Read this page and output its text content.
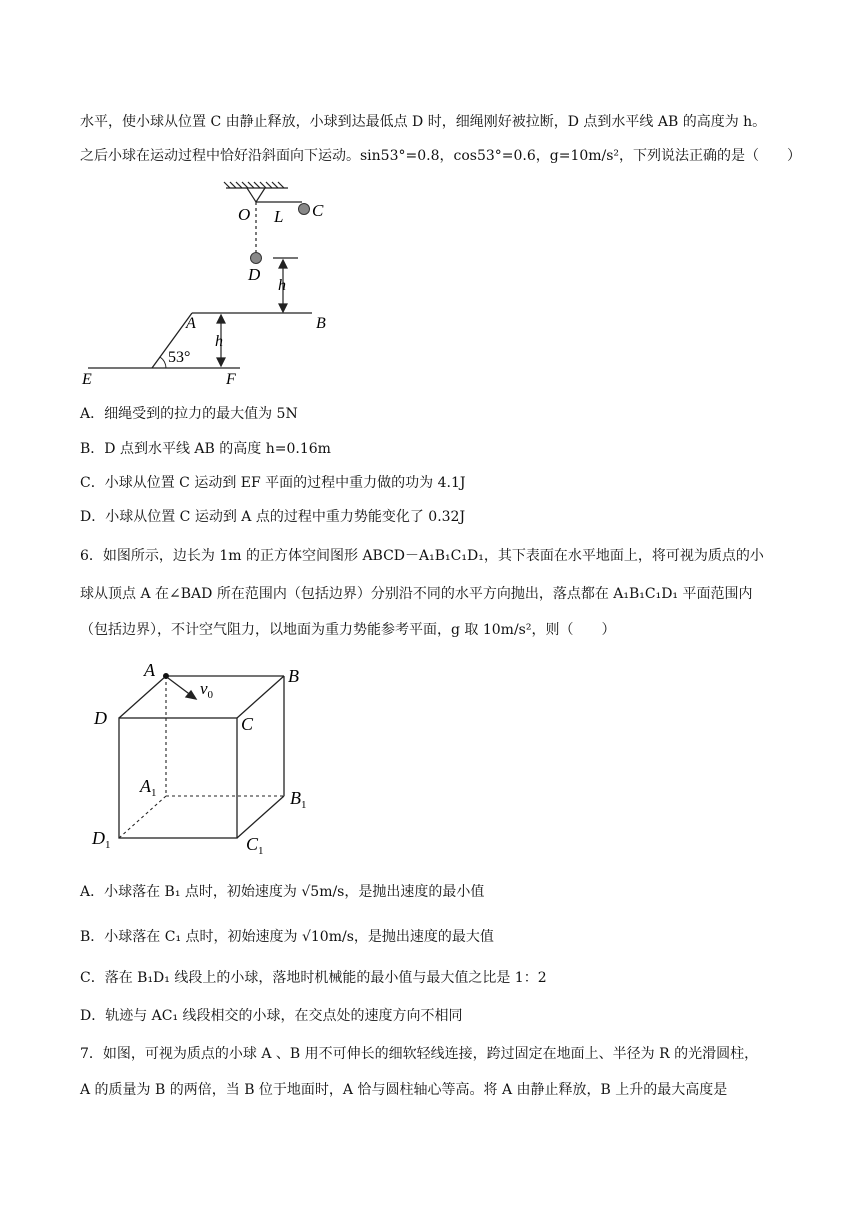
水平，使小球从位置 C 由静止释放，小球到达最低点 D 时，细绳刚好被拉断，D 点到水平线 AB 的高度为 h。
之后小球在运动过程中恰好沿斜面向下运动。sin53°=0.8，cos53°=0.6，g=10m/s²，下列说法正确的是（　　）
O L C
D
h
h
53°
A	B
E	F
A．细绳受到的拉力的最大值为 5N
B．D 点到水平线 AB 的高度 h=0.16m
C．小球从位置 C 运动到 EF 平面的过程中重力做的功为 4.1J
D．小球从位置 C 运动到 A 点的过程中重力势能变化了 0.32J
6．如图所示，边长为 1m 的正方体空间图形 ABCD－A₁B₁C₁D₁，其下表面在水平地面上，将可视为质点的小
球从顶点 A 在∠BAD 所在范围内（包括边界）分别沿不同的水平方向抛出，落点都在 A₁B₁C₁D₁ 平面范围内
（包括边界），不计空气阻力，以地面为重力势能参考平面，g 取 10m/s²，则（　　）
$v_0$
A	B
C
D
$A_1$	$B_1$
$C_1$
$D_1$
A．小球落在 B₁ 点时，初始速度为 √5m/s，是抛出速度的最小值
B．小球落在 C₁ 点时，初始速度为 √10m/s，是抛出速度的最大值
C．落在 B₁D₁ 线段上的小球，落地时机械能的最小值与最大值之比是 1：2
D．轨迹与 AC₁ 线段相交的小球，在交点处的速度方向不相同
7．如图，可视为质点的小球 A 、B 用不可伸长的细软轻线连接，跨过固定在地面上、半径为 R 的光滑圆柱，
A 的质量为 B 的两倍，当 B 位于地面时，A 恰与圆柱轴心等高。将 A 由静止释放，B 上升的最大高度是
